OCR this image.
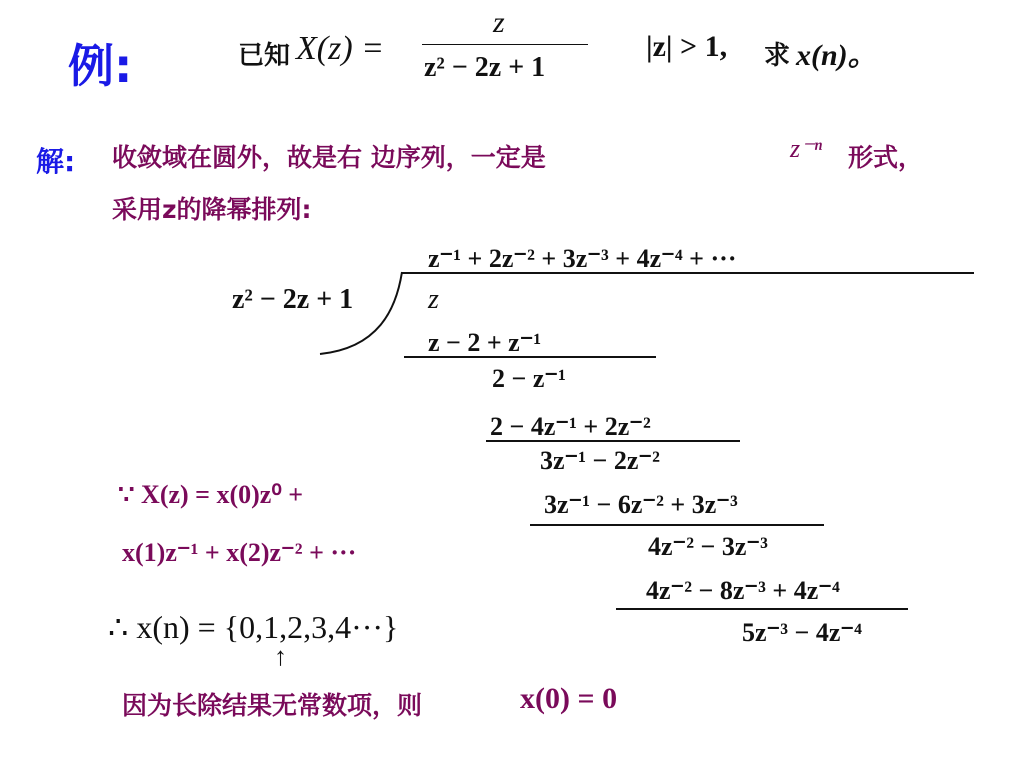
例:	已知 X(z) =
z
z² − 2z + 1
|z| > 1, 求 x(n)。
解: 收敛域在圆外，故是右 边序列，一定是	z⁻ⁿ 形式，
采用z的降幂排列:
z⁻¹ + 2z⁻² + 3z⁻³ + 4z⁻⁴ + ···
z² − 2z + 1	z
z − 2 + z⁻¹
2 − z⁻¹
2 − 4z⁻¹ + 2z⁻²
3z⁻¹ − 2z⁻²
3z⁻¹ − 6z⁻² + 3z⁻³
4z⁻² − 3z⁻³
4z⁻² − 8z⁻³ + 4z⁻⁴
5z⁻³ − 4z⁻⁴
∵ X(z) = x(0)z⁰ +
x(1)z⁻¹ + x(2)z⁻² + ···
∴ x(n) = {0,1,2,3,4···}
↑
因为长除结果无常数项，则	x(0) = 0
